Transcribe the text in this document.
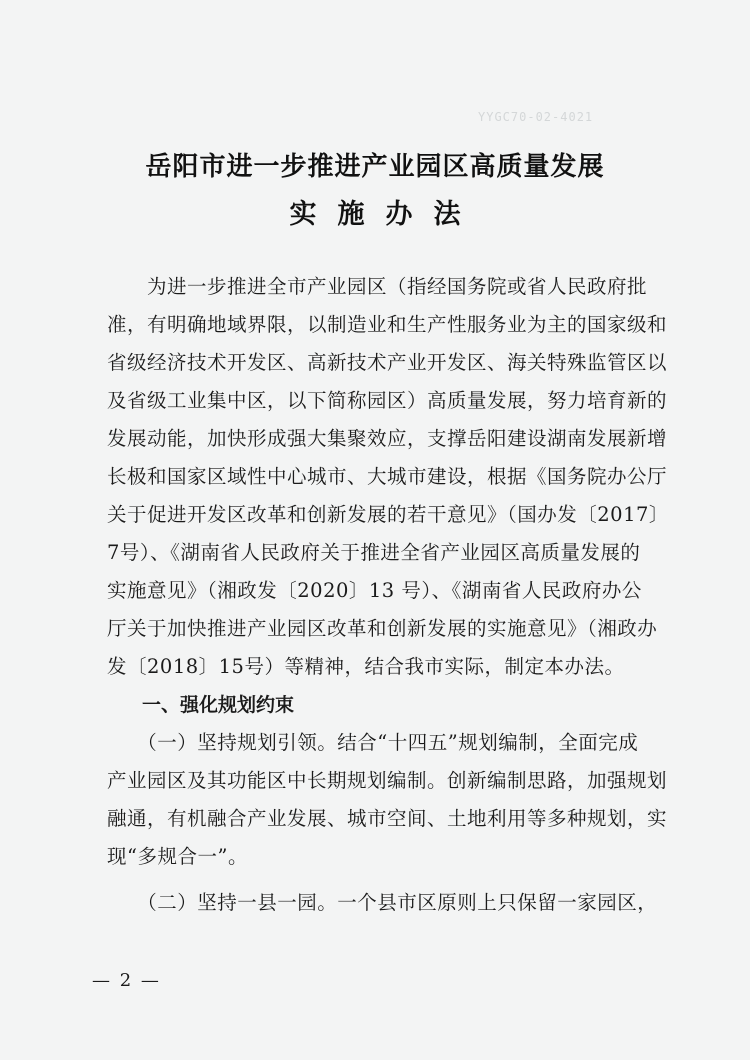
YYGC70-02-4021
岳阳市进一步推进产业园区高质量发展
实施办法
　　为进一步推进全市产业园区（指经国务院或省人民政府批
准，有明确地域界限，以制造业和生产性服务业为主的国家级和
省级经济技术开发区、高新技术产业开发区、海关特殊监管区以
及省级工业集中区，以下简称园区）高质量发展，努力培育新的
发展动能，加快形成强大集聚效应，支撑岳阳建设湖南发展新增
长极和国家区域性中心城市、大城市建设，根据《国务院办公厅
关于促进开发区改革和创新发展的若干意见》（国办发〔2017〕
7号）、《湖南省人民政府关于推进全省产业园区高质量发展的
实施意见》（湘政发〔2020〕13 号）、《湖南省人民政府办公
厅关于加快推进产业园区改革和创新发展的实施意见》（湘政办
发〔2018〕15号）等精神，结合我市实际，制定本办法。
一、强化规划约束
　　（一）坚持规划引领。结合“十四五”规划编制，全面完成
产业园区及其功能区中长期规划编制。创新编制思路，加强规划
融通，有机融合产业发展、城市空间、土地利用等多种规划，实
现“多规合一”。
　　（二）坚持一县一园。一个县市区原则上只保留一家园区，
— 2 —
